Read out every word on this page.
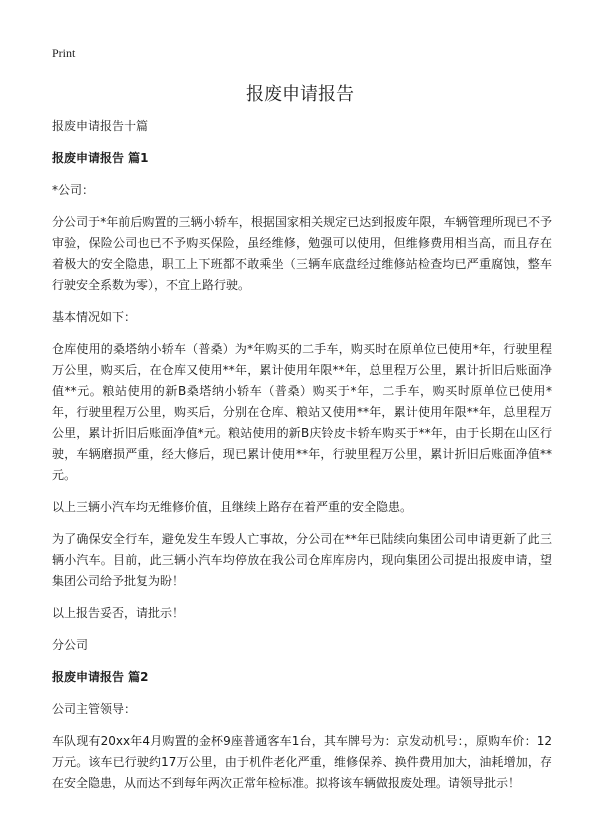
Print
报废申请报告

报废申请报告十篇

报废申请报告 篇1

*公司：

分公司于*年前后购置的三辆小轿车，根据国家相关规定已达到报废年限，车辆管理所现已不予审验，保险公司也已不予购买保险，虽经维修，勉强可以使用，但维修费用相当高，而且存在着极大的安全隐患，职工上下班都不敢乘坐（三辆车底盘经过维修站检查均已严重腐蚀，整车行驶安全系数为零），不宜上路行驶。

基本情况如下：

仓库使用的桑塔纳小轿车（普桑）为*年购买的二手车，购买时在原单位已使用*年，行驶里程万公里，购买后，在仓库又使用**年，累计使用年限**年，总里程万公里，累计折旧后账面净值**元。粮站使用的新B桑塔纳小轿车（普桑）购买于*年，二手车，购买时原单位已使用*年，行驶里程万公里，购买后，分别在仓库、粮站又使用**年，累计使用年限**年，总里程万公里，累计折旧后账面净值*元。粮站使用的新B庆铃皮卡轿车购买于**年，由于长期在山区行驶，车辆磨损严重，经大修后，现已累计使用**年，行驶里程万公里，累计折旧后账面净值**元。

以上三辆小汽车均无维修价值，且继续上路存在着严重的安全隐患。

为了确保安全行车，避免发生车毁人亡事故，分公司在**年已陆续向集团公司申请更新了此三辆小汽车。目前，此三辆小汽车均停放在我公司仓库库房内，现向集团公司提出报废申请，望集团公司给予批复为盼！

以上报告妥否，请批示！

分公司

报废申请报告 篇2

公司主管领导：

车队现有20xx年4月购置的金杯9座普通客车1台，其车牌号为：京发动机号：，原购车价：12万元。该车已行驶约17万公里，由于机件老化严重，维修保养、换件费用加大，油耗增加，存在安全隐患，从而达不到每年两次正常年检标准。拟将该车辆做报废处理。请领导批示！
